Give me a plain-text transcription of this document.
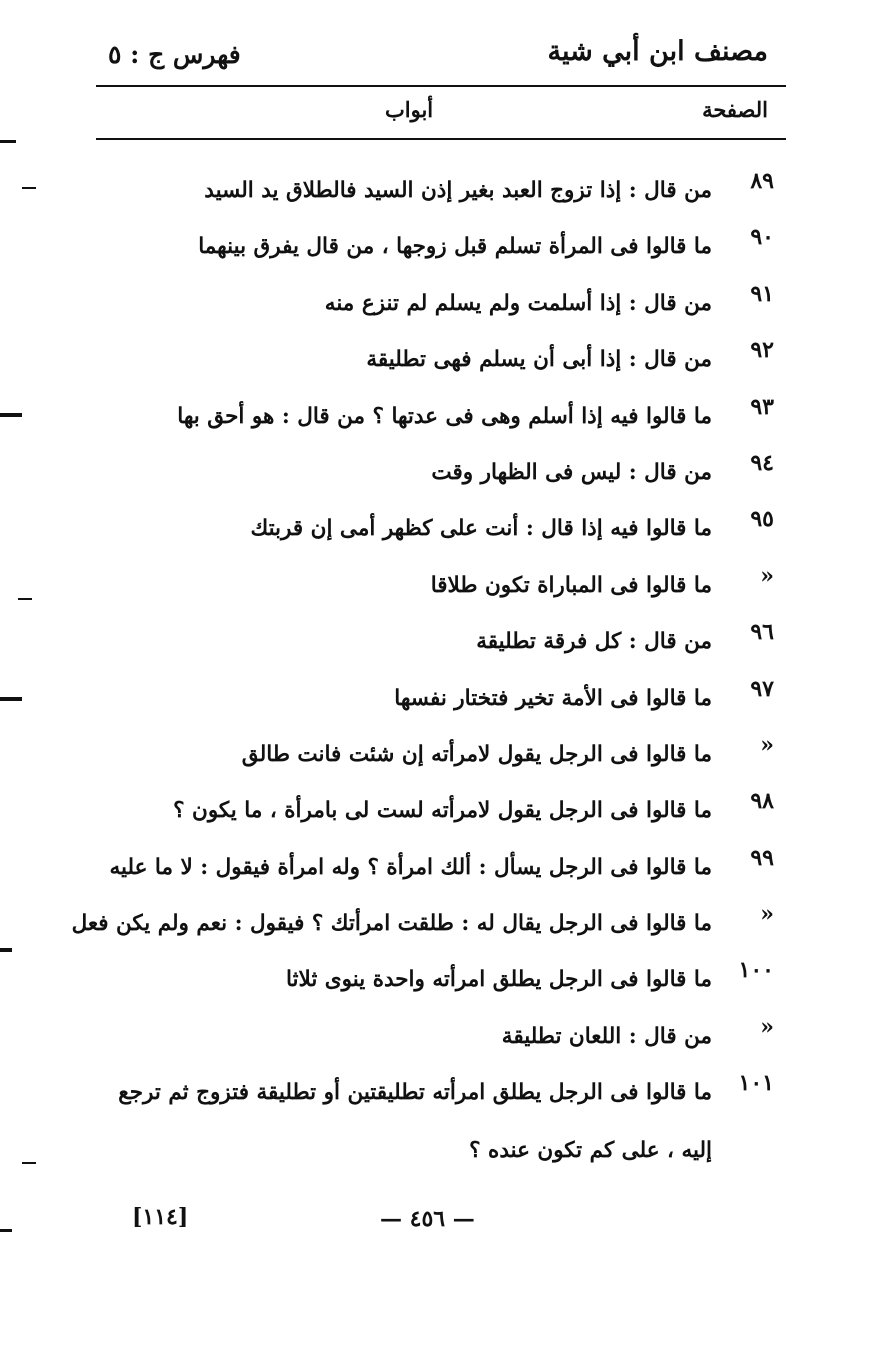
مصنف ابن أبي شية
فهرس ج : ٥
الصفحة
أبواب
٨٩
من قال : إذا تزوج العبد بغير إذن السيد فالطلاق يد السيد
٩٠
ما قالوا فى المرأة تسلم قبل زوجها ، من قال يفرق بينهما
٩١
من قال : إذا أسلمت ولم يسلم لم تنزع منه
٩٢
من قال : إذا أبى أن يسلم فهى تطليقة
٩٣
ما قالوا فيه إذا أسلم وهى فى عدتها ؟ من قال : هو أحق بها
٩٤
من قال : ليس فى الظهار وقت
٩٥
ما قالوا فيه إذا قال : أنت على كظهر أمى إن قربتك
«
ما قالوا فى المباراة تكون طلاقا
٩٦
من قال : كل فرقة تطليقة
٩٧
ما قالوا فى الأمة تخير فتختار نفسها
«
ما قالوا فى الرجل يقول لامرأته إن شئت فانت طالق
٩٨
ما قالوا فى الرجل يقول لامرأته لست لى بامرأة ، ما يكون ؟
٩٩
ما قالوا فى الرجل يسأل : ألك امرأة ؟ وله امرأة فيقول : لا ما عليه
«
ما قالوا فى الرجل يقال له : طلقت امرأتك ؟ فيقول : نعم ولم يكن فعل
١٠٠
ما قالوا فى الرجل يطلق امرأته واحدة ينوى ثلاثا
«
من قال : اللعان تطليقة
١٠١
ما قالوا فى الرجل يطلق امرأته تطليقتين أو تطليقة فتزوج ثم ترجع إليه ، على كم تكون عنده ؟
— ٤٥٦ —
[١١٤]
